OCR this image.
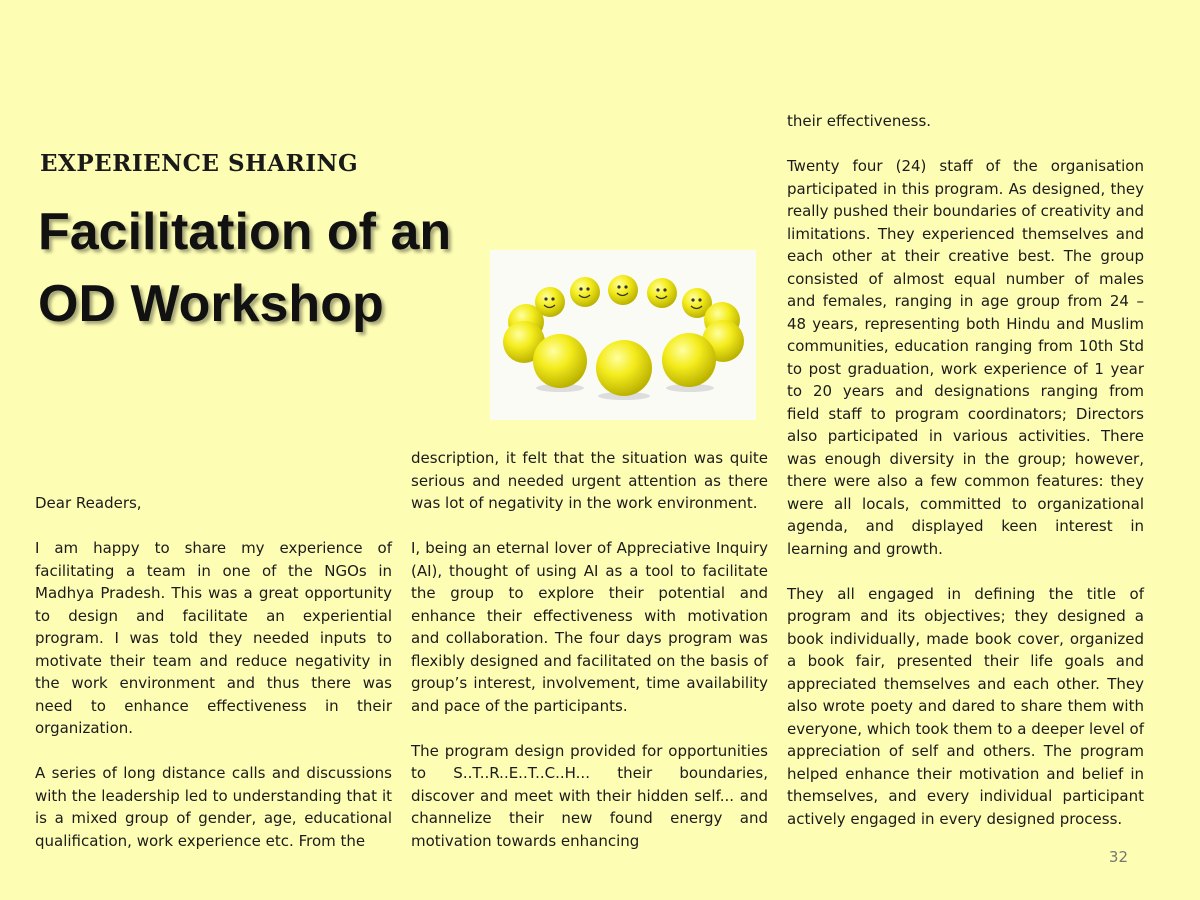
EXPERIENCE SHARING
Facilitation of an
OD Workshop

Dear Readers,

I am happy to share my experience of facilitating a team in one of the NGOs in Madhya Pradesh. This was a great opportunity to design and facilitate an experiential program. I was told they needed inputs to motivate their team and reduce negativity in the work environment and thus there was need to enhance effectiveness in their organization.

A series of long distance calls and discussions with the leadership led to understanding that it is a mixed group of gender, age, educational qualification, work experience etc. From the

description, it felt that the situation was quite serious and needed urgent attention as there was lot of negativity in the work environment.

I, being an eternal lover of Appreciative Inquiry (AI), thought of using AI as a tool to facilitate the group to explore their potential and enhance their effectiveness with motivation and collaboration. The four days program was flexibly designed and facilitated on the basis of group’s interest, involvement, time availability and pace of the participants.

The program design provided for opportunities to S..T..R..E..T..C..H... their boundaries, discover and meet with their hidden self... and channelize their new found energy and motivation towards enhancing

their effectiveness.

Twenty four (24) staff of the organisation participated in this program. As designed, they really pushed their boundaries of creativity and limitations. They experienced themselves and each other at their creative best. The group consisted of almost equal number of males and females, ranging in age group from 24 – 48 years, representing both Hindu and Muslim communities, education ranging from 10th Std to post graduation, work experience of 1 year to 20 years and designations ranging from field staff to program coordinators; Directors also participated in various activities. There was enough diversity in the group; however, there were also a few common features: they were all locals, committed to organizational agenda, and displayed keen interest in learning and growth.

They all engaged in defining the title of program and its objectives; they designed a book individually, made book cover, organized a book fair, presented their life goals and appreciated themselves and each other. They also wrote poety and dared to share them with everyone, which took them to a deeper level of appreciation of self and others. The program helped enhance their motivation and belief in themselves, and every individual participant actively engaged in every designed process.

32
